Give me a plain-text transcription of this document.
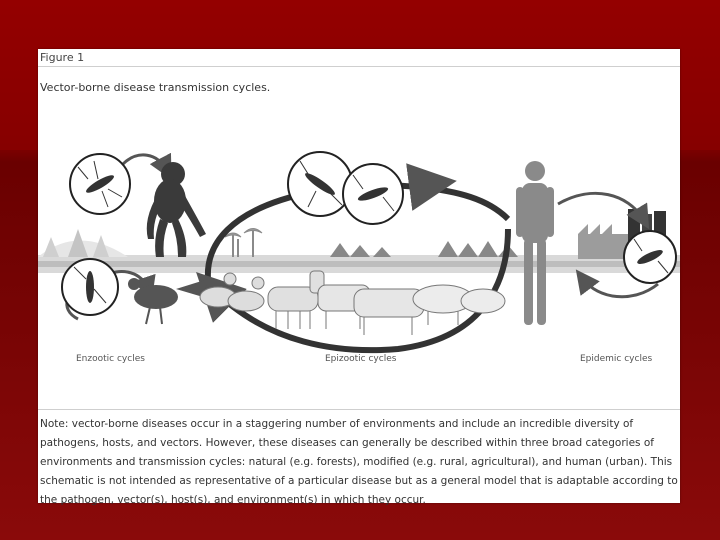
Figure 1
Vector-borne disease transmission cycles.
Enzootic cycles	Epizootic cycles	Epidemic cycles
Note: vector-borne diseases occur in a staggering number of environments and include an incredible diversity of pathogens, hosts, and vectors. However, these diseases can generally be described within three broad categories of environments and transmission cycles: natural (e.g. forests), modified (e.g. rural, agricultural), and human (urban). This schematic is not intended as representative of a particular disease but as a general model that is adaptable according to the pathogen, vector(s), host(s), and environment(s) in which they occur.
